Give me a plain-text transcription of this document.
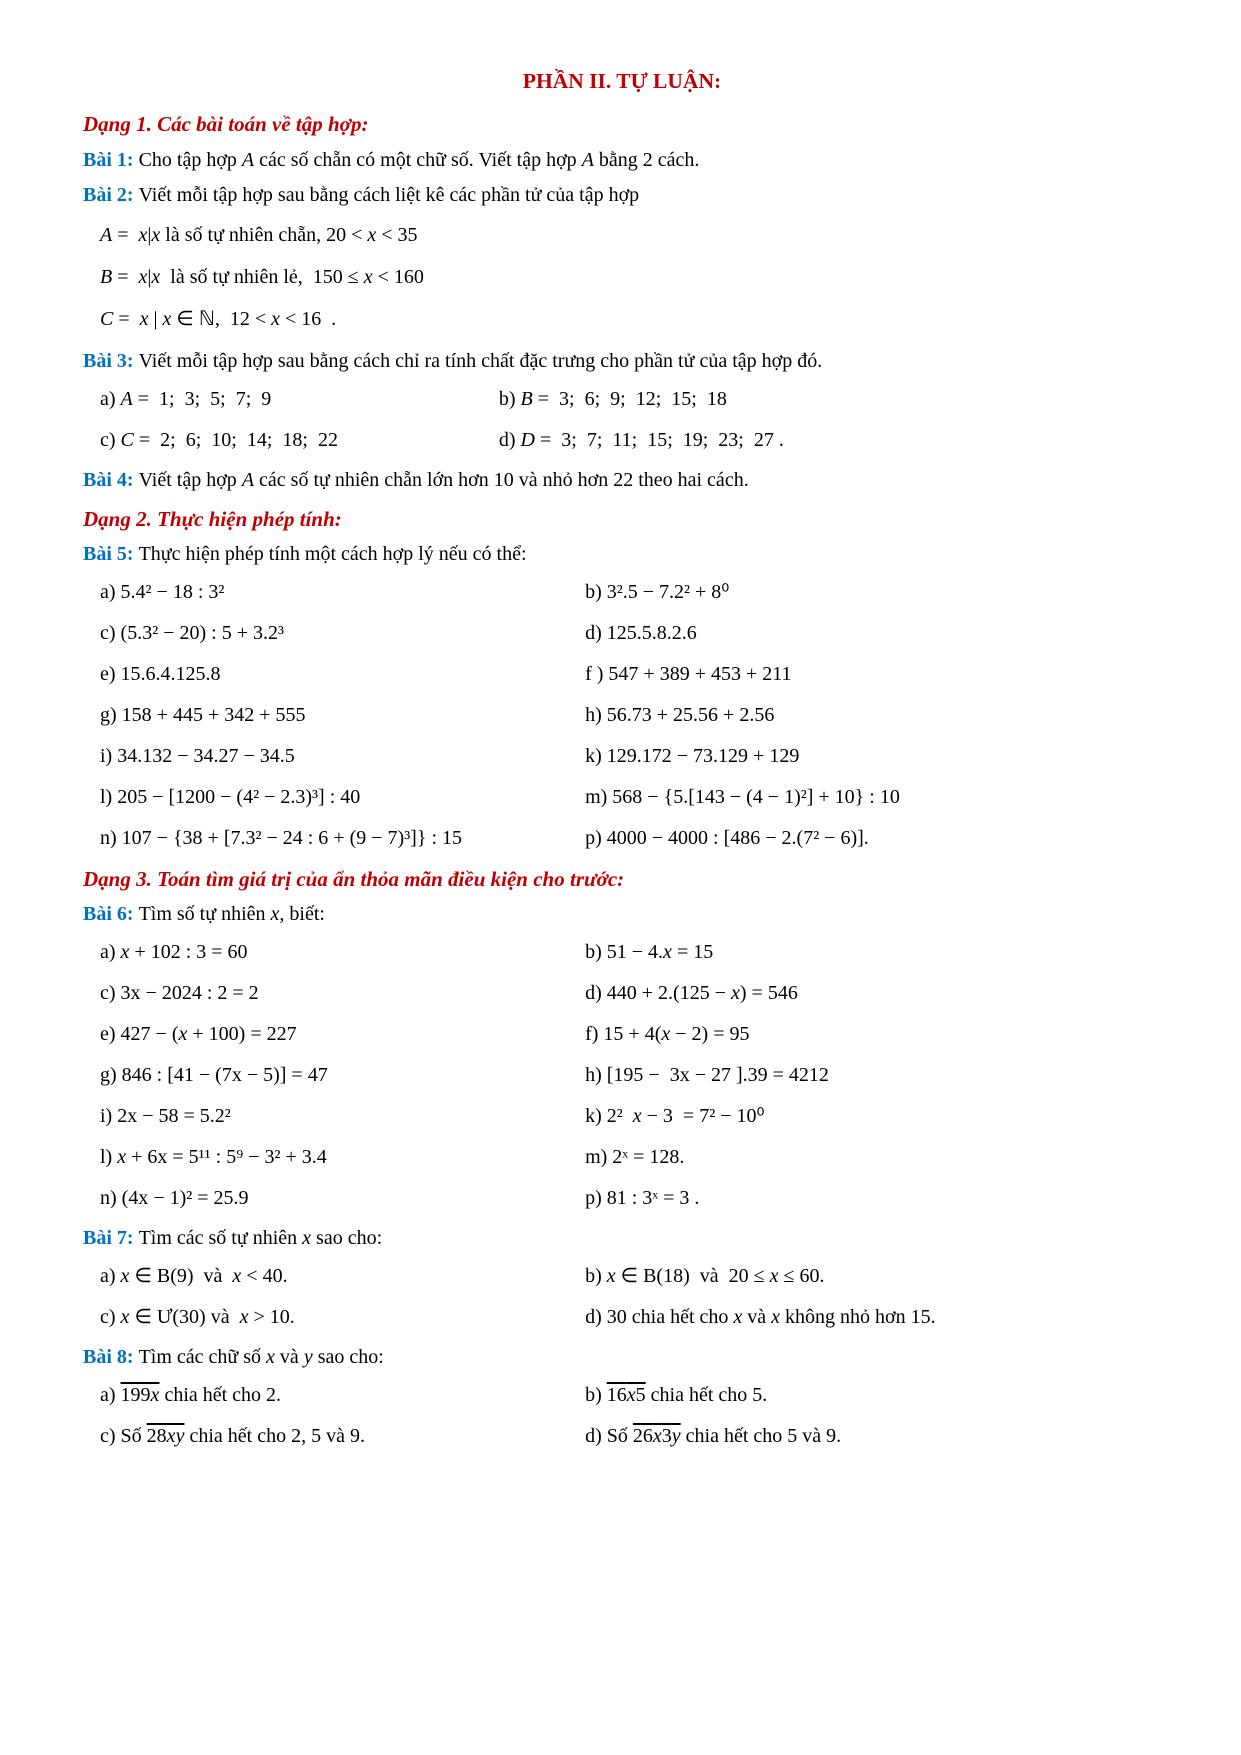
PHẦN II. TỰ LUẬN:
Dạng 1. Các bài toán về tập hợp:
Bài 1: Cho tập hợp A các số chẵn có một chữ số. Viết tập hợp A bằng 2 cách.
Bài 2: Viết mỗi tập hợp sau bằng cách liệt kê các phần tử của tập hợp
A =  x|x là số tự nhiên chẵn, 20 < x < 35
B =  x|x  là số tự nhiên lẻ,  150 ≤ x < 160
C =  x | x ∈ ℕ,  12 < x < 16  .
Bài 3: Viết mỗi tập hợp sau bằng cách chỉ ra tính chất đặc trưng cho phần tử của tập hợp đó.
a) A =  1;  3;  5;  7;  9	b) B =  3;  6;  9;  12;  15;  18
c) C =  2;  6;  10;  14;  18;  22	d) D =  3;  7;  11;  15;  19;  23;  27 .
Bài 4: Viết tập hợp A các số tự nhiên chẵn lớn hơn 10 và nhỏ hơn 22 theo hai cách.
Dạng 2. Thực hiện phép tính:
Bài 5: Thực hiện phép tính một cách hợp lý nếu có thể:
a) 5.4² − 18 : 3²	b) 3².5 − 7.2² + 8⁰
c) (5.3² − 20) : 5 + 3.2³	d) 125.5.8.2.6
e) 15.6.4.125.8	f ) 547 + 389 + 453 + 211
g) 158 + 445 + 342 + 555	h) 56.73 + 25.56 + 2.56
i) 34.132 − 34.27 − 34.5	k) 129.172 − 73.129 + 129
l) 205 − [1200 − (4² − 2.3)³] : 40	m) 568 − {5.[143 − (4 − 1)²] + 10} : 10
n) 107 − {38 + [7.3² − 24 : 6 + (9 − 7)³]} : 15	p) 4000 − 4000 : [486 − 2.(7² − 6)].
Dạng 3. Toán tìm giá trị của ẩn thỏa mãn điều kiện cho trước:
Bài 6: Tìm số tự nhiên x, biết:
a) x + 102 : 3 = 60	b) 51 − 4.x = 15
c) 3x − 2024 : 2 = 2	d) 440 + 2.(125 − x) = 546
e) 427 − (x + 100) = 227	f) 15 + 4(x − 2) = 95
g) 846 : [41 − (7x − 5)] = 47	h) [195 −  3x − 27 ].39 = 4212
i) 2x − 58 = 5.2²	k) 2²  x − 3  = 7² − 10⁰
l) x + 6x = 5¹¹ : 5⁹ − 3² + 3.4	m) 2ˣ = 128.
n) (4x − 1)² = 25.9	p) 81 : 3ˣ = 3 .
Bài 7: Tìm các số tự nhiên x sao cho:
a) x ∈ B(9)  và  x < 40.	b) x ∈ B(18)  và  20 ≤ x ≤ 60.
c) x ∈ Ư(30) và  x > 10.	d) 30 chia hết cho x và x không nhỏ hơn 15.
Bài 8: Tìm các chữ số x và y sao cho:
a) 199x chia hết cho 2.	b) 16x5 chia hết cho 5.
c) Số 28xy chia hết cho 2, 5 và 9.	d) Số 26x3y chia hết cho 5 và 9.
